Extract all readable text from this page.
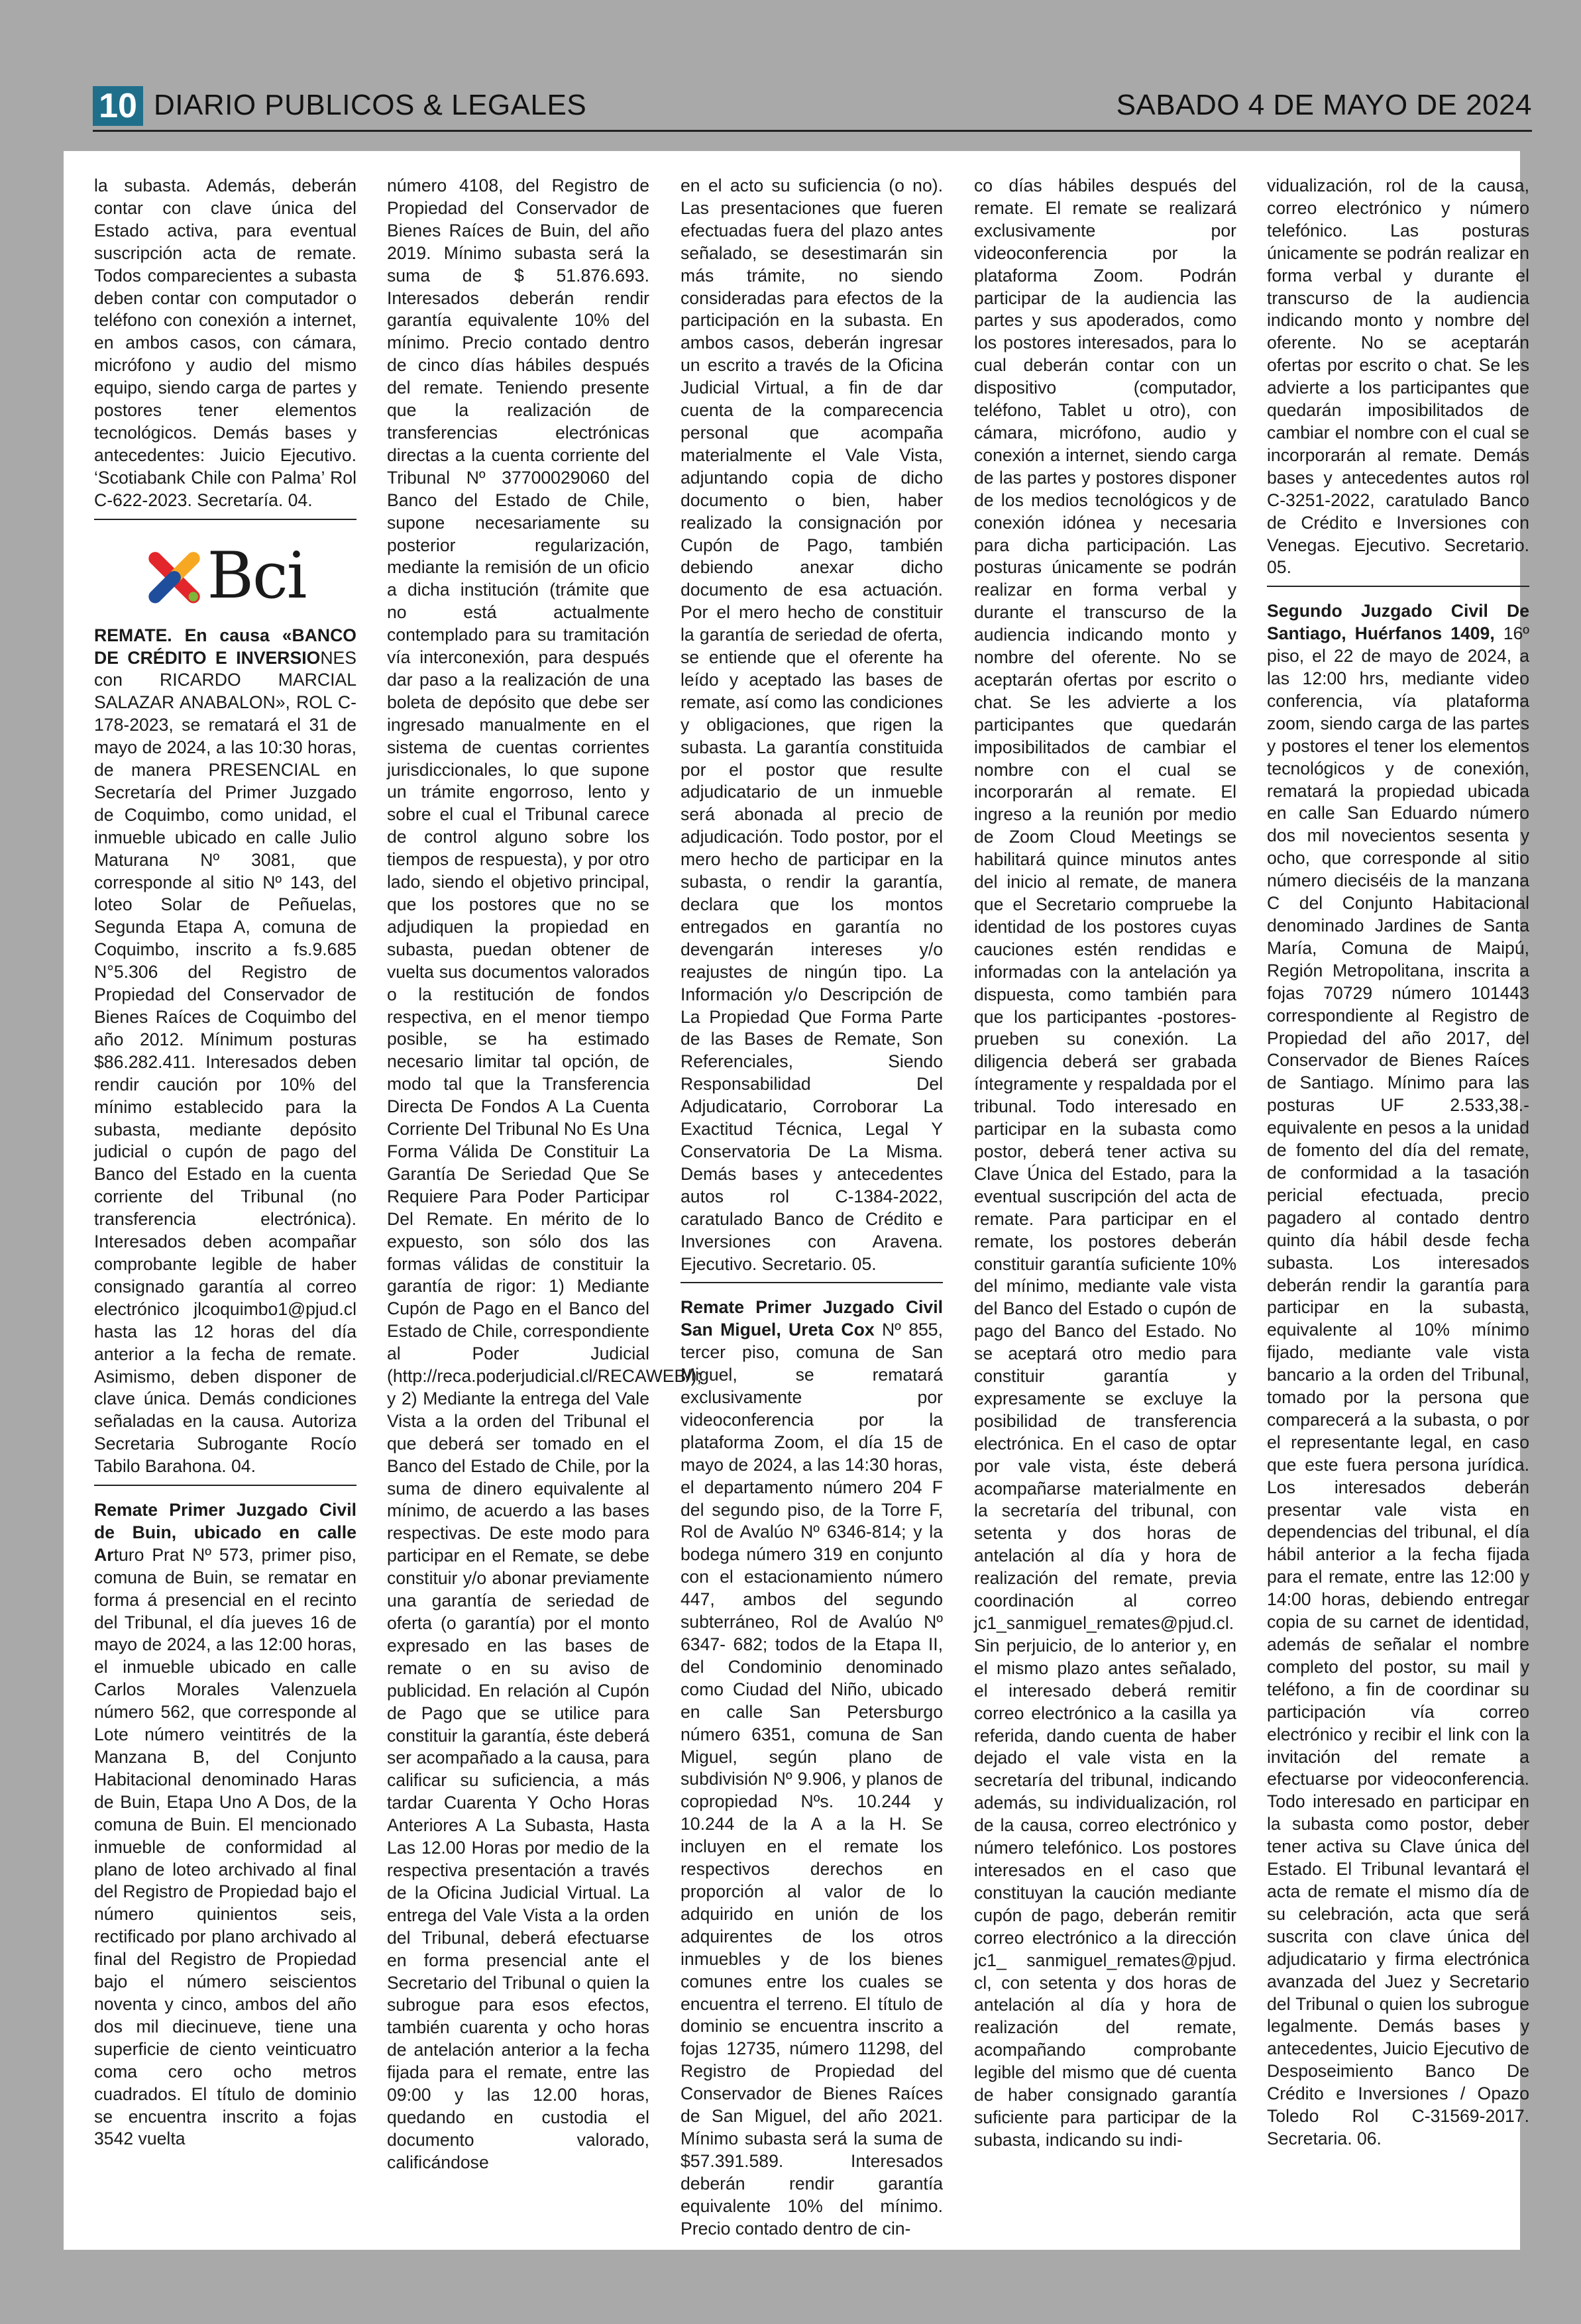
10 DIARIO PUBLICOS & LEGALES	SABADO 4 DE MAYO DE 2024

la subasta. Además, deberán contar con clave única del Estado activa, para eventual suscripción acta de remate. Todos comparecientes a subasta deben contar con computador o teléfono con conexión a internet, en ambos casos, con cámara, micrófono y audio del mismo equipo, siendo carga de partes y postores tener elementos tecnológicos. Demás bases y antecedentes: Juicio Ejecutivo. ‘Scotiabank Chile con Palma’ Rol C-622-2023. Secretaría. 04.

Bci

REMATE. En causa «BANCO DE CRÉDITO E INVERSIONES con RICARDO MARCIAL SALAZAR ANABALON», ROL C-178-2023, se rematará el 31 de mayo de 2024, a las 10:30 horas, de manera PRESENCIAL en Secretaría del Primer Juzgado de Coquimbo, como unidad, el inmueble ubicado en calle Julio Maturana Nº 3081, que corresponde al sitio Nº 143, del loteo Solar de Peñuelas, Segunda Etapa A, comuna de Coquimbo, inscrito a fs.9.685 N°5.306 del Registro de Propiedad del Conservador de Bienes Raíces de Coquimbo del año 2012. Mínimum posturas $86.282.411. Interesados deben rendir caución por 10% del mínimo establecido para la subasta, mediante depósito judicial o cupón de pago del Banco del Estado en la cuenta corriente del Tribunal (no transferencia electrónica). Interesados deben acompañar comprobante legible de haber consignado garantía al correo electrónico jlcoquimbo1@pjud.cl hasta las 12 horas del día anterior a la fecha de remate. Asimismo, deben disponer de clave única. Demás condiciones señaladas en la causa. Autoriza Secretaria Subrogante Rocío Tabilo Barahona. 04.

Remate Primer Juzgado Civil de Buin, ubicado en calle Arturo Prat Nº 573, primer piso, comuna de Buin, se rematar en forma á presencial en el recinto del Tribunal, el día jueves 16 de mayo de 2024, a las 12:00 horas, el inmueble ubicado en calle Carlos Morales Valenzuela número 562, que corresponde al Lote número veintitrés de la Manzana B, del Conjunto Habitacional denominado Haras de Buin, Etapa Uno A Dos, de la comuna de Buin. El mencionado inmueble de conformidad al plano de loteo archivado al final del Registro de Propiedad bajo el número quinientos seis, rectificado por plano archivado al final del Registro de Propiedad bajo el número seiscientos noventa y cinco, ambos del año dos mil diecinueve, tiene una superficie de ciento veinticuatro coma cero ocho metros cuadrados. El título de dominio se encuentra inscrito a fojas 3542 vuelta

número 4108, del Registro de Propiedad del Conservador de Bienes Raíces de Buin, del año 2019. Mínimo subasta será la suma de $ 51.876.693. Interesados deberán rendir garantía equivalente 10% del mínimo. Precio contado dentro de cinco días hábiles después del remate. Teniendo presente que la realización de transferencias electrónicas directas a la cuenta corriente del Tribunal Nº 37700029060 del Banco del Estado de Chile, supone necesariamente su posterior regularización, mediante la remisión de un oficio a dicha institución (trámite que no está actualmente contemplado para su tramitación vía interconexión, para después dar paso a la realización de una boleta de depósito que debe ser ingresado manualmente en el sistema de cuentas corrientes jurisdiccionales, lo que supone un trámite engorroso, lento y sobre el cual el Tribunal carece de control alguno sobre los tiempos de respuesta), y por otro lado, siendo el objetivo principal, que los postores que no se adjudiquen la propiedad en subasta, puedan obtener de vuelta sus documentos valorados o la restitución de fondos respectiva, en el menor tiempo posible, se ha estimado necesario limitar tal opción, de modo tal que la Transferencia Directa De Fondos A La Cuenta Corriente Del Tribunal No Es Una Forma Válida De Constituir La Garantía De Seriedad Que Se Requiere Para Poder Participar Del Remate. En mérito de lo expuesto, son sólo dos las formas válidas de constituir la garantía de rigor: 1) Mediante Cupón de Pago en el Banco del Estado de Chile, correspondiente al Poder Judicial (http://reca.poderjudicial.cl/RECAWEB/); y 2) Mediante la entrega del Vale Vista a la orden del Tribunal el que deberá ser tomado en el Banco del Estado de Chile, por la suma de dinero equivalente al mínimo, de acuerdo a las bases respectivas. De este modo para participar en el Remate, se debe constituir y/o abonar previamente una garantía de seriedad de oferta (o garantía) por el monto expresado en las bases de remate o en su aviso de publicidad. En relación al Cupón de Pago que se utilice para constituir la garantía, éste deberá ser acompañado a la causa, para calificar su suficiencia, a más tardar Cuarenta Y Ocho Horas Anteriores A La Subasta, Hasta Las 12.00 Horas por medio de la respectiva presentación a través de la Oficina Judicial Virtual. La entrega del Vale Vista a la orden del Tribunal, deberá efectuarse en forma presencial ante el Secretario del Tribunal o quien la subrogue para esos efectos, también cuarenta y ocho horas de antelación anterior a la fecha fijada para el remate, entre las 09:00 y las 12.00 horas, quedando en custodia el documento valorado, calificándose

en el acto su suficiencia (o no). Las presentaciones que fueren efectuadas fuera del plazo antes señalado, se desestimarán sin más trámite, no siendo consideradas para efectos de la participación en la subasta. En ambos casos, deberán ingresar un escrito a través de la Oficina Judicial Virtual, a fin de dar cuenta de la comparecencia personal que acompaña materialmente el Vale Vista, adjuntando copia de dicho documento o bien, haber realizado la consignación por Cupón de Pago, también debiendo anexar dicho documento de esa actuación. Por el mero hecho de constituir la garantía de seriedad de oferta, se entiende que el oferente ha leído y aceptado las bases de remate, así como las condiciones y obligaciones, que rigen la subasta. La garantía constituida por el postor que resulte adjudicatario de un inmueble será abonada al precio de adjudicación. Todo postor, por el mero hecho de participar en la subasta, o rendir la garantía, declara que los montos entregados en garantía no devengarán intereses y/o reajustes de ningún tipo. La Información y/o Descripción de La Propiedad Que Forma Parte de las Bases de Remate, Son Referenciales, Siendo Responsabilidad Del Adjudicatario, Corroborar La Exactitud Técnica, Legal Y Conservatoria De La Misma. Demás bases y antecedentes autos rol C-1384-2022, caratulado Banco de Crédito e Inversiones con Aravena. Ejecutivo. Secretario. 05.

Remate Primer Juzgado Civil San Miguel, Ureta Cox Nº 855, tercer piso, comuna de San Miguel, se rematará exclusivamente por videoconferencia por la plataforma Zoom, el día 15 de mayo de 2024, a las 14:30 horas, el departamento número 204 F del segundo piso, de la Torre F, Rol de Avalúo Nº 6346-814; y la bodega número 319 en conjunto con el estacionamiento número 447, ambos del segundo subterráneo, Rol de Avalúo Nº 6347- 682; todos de la Etapa II, del Condominio denominado como Ciudad del Niño, ubicado en calle San Petersburgo número 6351, comuna de San Miguel, según plano de subdivisión Nº 9.906, y planos de copropiedad Nºs. 10.244 y 10.244 de la A a la H. Se incluyen en el remate los respectivos derechos en proporción al valor de lo adquirido en unión de los adquirentes de los otros inmuebles y de los bienes comunes entre los cuales se encuentra el terreno. El título de dominio se encuentra inscrito a fojas 12735, número 11298, del Registro de Propiedad del Conservador de Bienes Raíces de San Miguel, del año 2021. Mínimo subasta será la suma de $57.391.589. Interesados deberán rendir garantía equivalente 10% del mínimo. Precio contado dentro de cin-

co días hábiles después del remate. El remate se realizará exclusivamente por videoconferencia por la plataforma Zoom. Podrán participar de la audiencia las partes y sus apoderados, como los postores interesados, para lo cual deberán contar con un dispositivo (computador, teléfono, Tablet u otro), con cámara, micrófono, audio y conexión a internet, siendo carga de las partes y postores disponer de los medios tecnológicos y de conexión idónea y necesaria para dicha participación. Las posturas únicamente se podrán realizar en forma verbal y durante el transcurso de la audiencia indicando monto y nombre del oferente. No se aceptarán ofertas por escrito o chat. Se les advierte a los participantes que quedarán imposibilitados de cambiar el nombre con el cual se incorporarán al remate. El ingreso a la reunión por medio de Zoom Cloud Meetings se habilitará quince minutos antes del inicio al remate, de manera que el Secretario compruebe la identidad de los postores cuyas cauciones estén rendidas e informadas con la antelación ya dispuesta, como también para que los participantes -postores- prueben su conexión. La diligencia deberá ser grabada íntegramente y respaldada por el tribunal. Todo interesado en participar en la subasta como postor, deberá tener activa su Clave Única del Estado, para la eventual suscripción del acta de remate. Para participar en el remate, los postores deberán constituir garantía suficiente 10% del mínimo, mediante vale vista del Banco del Estado o cupón de pago del Banco del Estado. No se aceptará otro medio para constituir garantía y expresamente se excluye la posibilidad de transferencia electrónica. En el caso de optar por vale vista, éste deberá acompañarse materialmente en la secretaría del tribunal, con setenta y dos horas de antelación al día y hora de realización del remate, previa coordinación al correo jc1_sanmiguel_remates@pjud.cl. Sin perjuicio, de lo anterior y, en el mismo plazo antes señalado, el interesado deberá remitir correo electrónico a la casilla ya referida, dando cuenta de haber dejado el vale vista en la secretaría del tribunal, indicando además, su individualización, rol de la causa, correo electrónico y número telefónico. Los postores interesados en el caso que constituyan la caución mediante cupón de pago, deberán remitir correo electrónico a la dirección jc1_ sanmiguel_remates@pjud. cl, con setenta y dos horas de antelación al día y hora de realización del remate, acompañando comprobante legible del mismo que dé cuenta de haber consignado garantía suficiente para participar de la subasta, indicando su indi-

vidualización, rol de la causa, correo electrónico y número telefónico. Las posturas únicamente se podrán realizar en forma verbal y durante el transcurso de la audiencia indicando monto y nombre del oferente. No se aceptarán ofertas por escrito o chat. Se les advierte a los participantes que quedarán imposibilitados de cambiar el nombre con el cual se incorporarán al remate. Demás bases y antecedentes autos rol C-3251-2022, caratulado Banco de Crédito e Inversiones con Venegas. Ejecutivo. Secretario. 05.

Segundo Juzgado Civil De Santiago, Huérfanos 1409, 16º piso, el 22 de mayo de 2024, a las 12:00 hrs, mediante video conferencia, vía plataforma zoom, siendo carga de las partes y postores el tener los elementos tecnológicos y de conexión, rematará la propiedad ubicada en calle San Eduardo número dos mil novecientos sesenta y ocho, que corresponde al sitio número dieciséis de la manzana C del Conjunto Habitacional denominado Jardines de Santa María, Comuna de Maipú, Región Metropolitana, inscrita a fojas 70729 número 101443 correspondiente al Registro de Propiedad del año 2017, del Conservador de Bienes Raíces de Santiago. Mínimo para las posturas UF 2.533,38.- equivalente en pesos a la unidad de fomento del día del remate, de conformidad a la tasación pericial efectuada, precio pagadero al contado dentro quinto día hábil desde fecha subasta. Los interesados deberán rendir la garantía para participar en la subasta, equivalente al 10% mínimo fijado, mediante vale vista bancario a la orden del Tribunal, tomado por la persona que comparecerá a la subasta, o por el representante legal, en caso que este fuera persona jurídica. Los interesados deberán presentar vale vista en dependencias del tribunal, el día hábil anterior a la fecha fijada para el remate, entre las 12:00 y 14:00 horas, debiendo entregar copia de su carnet de identidad, además de señalar el nombre completo del postor, su mail y teléfono, a fin de coordinar su participación vía correo electrónico y recibir el link con la invitación del remate a efectuarse por videoconferencia. Todo interesado en participar en la subasta como postor, deber tener activa su Clave única del Estado. El Tribunal levantará el acta de remate el mismo día de su celebración, acta que será suscrita con clave única del adjudicatario y firma electrónica avanzada del Juez y Secretario del Tribunal o quien los subrogue legalmente. Demás bases y antecedentes, Juicio Ejecutivo de Desposeimiento Banco De Crédito e Inversiones / Opazo Toledo Rol C-31569-2017. Secretaria. 06.
